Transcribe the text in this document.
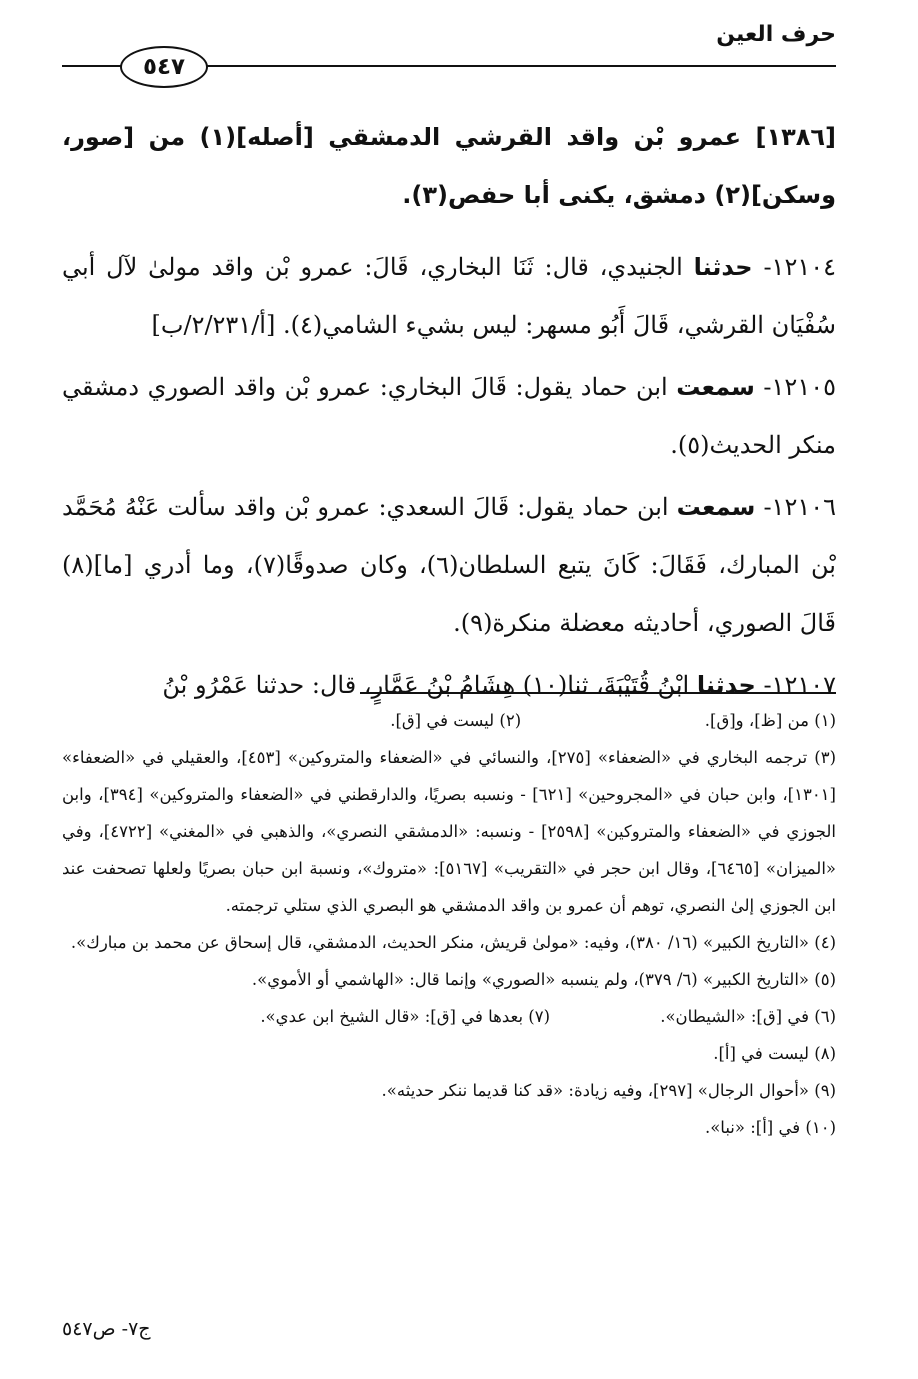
حرف العين
٥٤٧

[١٣٨٦] عمرو بْن واقد القرشي الدمشقي [أصله](١) من [صور، وسكن](٢) دمشق، يكنى أبا حفص(٣).

١٢١٠٤- حدثنا الجنيدي، قال: ثَنَا البخاري، قَالَ: عمرو بْن واقد مولىٰ لآل أبي سُفْيَان القرشي، قَالَ أَبُو مسهر: ليس بشيء الشامي(٤). [أ/٢/٢٣١/ب]

١٢١٠٥- سمعت ابن حماد يقول: قَالَ البخاري: عمرو بْن واقد الصوري دمشقي منكر الحديث(٥).

١٢١٠٦- سمعت ابن حماد يقول: قَالَ السعدي: عمرو بْن واقد سألت عَنْهُ مُحَمَّد بْن المبارك، فَقَالَ: كَانَ يتبع السلطان(٦)، وكان صدوقًا(٧)، وما أدري [ما](٨) قَالَ الصوري، أحاديثه معضلة منكرة(٩).

١٢١٠٧- حدثنا ابْنُ قُتَيْبَةَ، ثنا(١٠) هِشَامُ بْنُ عَمَّارٍ، قال: حدثنا عَمْرُو بْنُ

(١) من [ظ]، و[ق].                                   (٢) ليست في [ق].

(٣) ترجمه البخاري في «الضعفاء» [٢٧٥]، والنسائي في «الضعفاء والمتروكين» [٤٥٣]، والعقيلي في «الضعفاء» [١٣٠١]، وابن حبان في «المجروحين» [٦٢١] - ونسبه بصريًا، والدارقطني في «الضعفاء والمتروكين» [٣٩٤]، وابن الجوزي في «الضعفاء والمتروكين» [٢٥٩٨] - ونسبه: «الدمشقي النصري»، والذهبي في «المغني» [٤٧٢٢]، وفي «الميزان» [٦٤٦٥]، وقال ابن حجر في «التقريب» [٥١٦٧]: «متروك»، ونسبة ابن حبان بصريًا ولعلها تصحفت عند ابن الجوزي إلىٰ النصري، توهم أن عمرو بن واقد الدمشقي هو البصري الذي ستلي ترجمته.

(٤) «التاريخ الكبير» (١٦/ ٣٨٠)، وفيه: «مولىٰ قريش، منكر الحديث، الدمشقي، قال إسحاق عن محمد بن مبارك».

(٥) «التاريخ الكبير» (٦/ ٣٧٩)، ولم ينسبه «الصوري» وإنما قال: «الهاشمي أو الأموي».

(٦) في [ق]: «الشيطان».                     (٧) بعدها في [ق]: «قال الشيخ ابن عدي».

(٨) ليست في [أ].

(٩) «أحوال الرجال» [٢٩٧]، وفيه زيادة: «قد كنا قديما ننكر حديثه».

(١٠) في [أ]: «نبا».

ج٧- ص٥٤٧
